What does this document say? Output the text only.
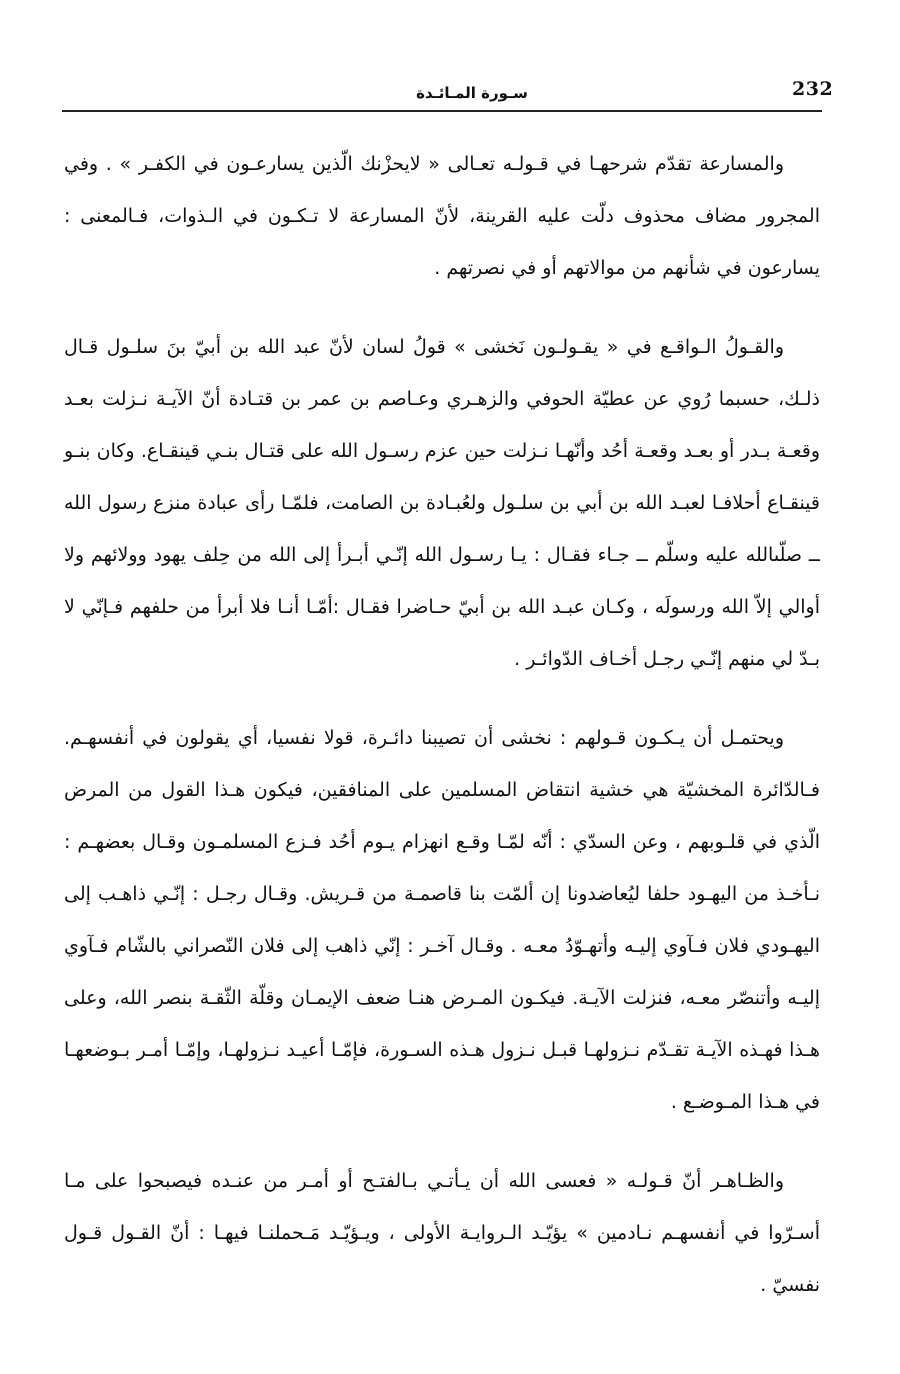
232
سـورة المـائـدة

والمسارعة تقدّم شرحهـا في قـولـه تعـالى « لايحزْنك الّذين يسارعـون في الكفـر » . وفي المجرور مضاف محذوف دلّت عليه القرينة، لأنّ المسارعة لا تـكـون في الـذوات، فـالمعنى : يسارعون في شأنهم من موالاتهم أو في نصرتهم .

والقـولُ الـواقـع في « يقـولـون نَخشى » قولُ لسان لأنّ عبد الله بن أبيّ بنَ سلـول قـال ذلـك، حسبما رُوي عن عطيّة الحوفي والزهـري وعـاصم بن عمر بن قتـادة أنّ الآيـة نـزلت بعـد وقعـة بـدر أو بعـد وقعـة أحُد وأنّهـا نـزلت حين عزم رسـول الله على قتـال بنـي قينقـاع. وكان بنـو قينقـاع أحلافـا لعبـد الله بن أبي بن سلـول ولعُبـادة بن الصامت، فلمّـا رأى عبادة منزع رسول الله ــ صلّىالله عليه وسلّم ــ جـاء فقـال : يـا رسـول الله إنّـي أبـرأ إلى الله من حِلف يهود وولائهم ولا أوالي إلاّ الله ورسولَه ، وكـان عبـد الله بن أبيّ حـاضرا فقـال :أمّـا أنـا فلا أبرأ من حلفهم فـإنّي لا بـدّ لي منهم إنّـي رجـل أخـاف الدّوائـر .

ويحتمـل أن يـكـون قـولهم : نخشى أن تصيبنا دائـرة، قولا نفسيا، أي يقولون في أنفسهـم. فـالدّائرة المخشيّة هي خشية انتقاض المسلمين على المنافقين، فيكون هـذا القول من المرض الّذي في قلـوبهم ، وعن السدّي : أنّه لمّـا وقـع انهزام يـوم أحُد فـزع المسلمـون وقـال بعضهـم : نـأخـذ من اليهـود حلفا ليُعاضدونا إن ألمّت بنا قاصمـة من قـريش. وقـال رجـل : إنّـي ذاهـب إلى اليهـودي فلان فـآوي إليـه وأتهـوّدُ معـه . وقـال آخـر : إنّي ذاهب إلى فلان النّصراني بالشّام فـآوي إليـه وأتنصّر معـه، فنزلت الآيـة. فيكـون المـرض هنـا ضعف الإيمـان وقلّة الثّقـة بنصر الله، وعلى هـذا فهـذه الآيـة تقـدّم نـزولهـا قبـل نـزول هـذه السـورة، فإمّـا أعيـد نـزولهـا، وإمّـا أمـر بـوضعهـا في هـذا المـوضـع .

والظـاهـر أنّ قـولـه « فعسى الله أن يـأتـي بـالفتـح أو أمـر من عنـده فيصبحوا على مـا أسـرّوا في أنفسهـم نـادمين » يؤيّـد الـروايـة الأولى ، ويـؤيّـد مَـحملنـا فيهـا : أنّ القـول قـول نفسيّ .
